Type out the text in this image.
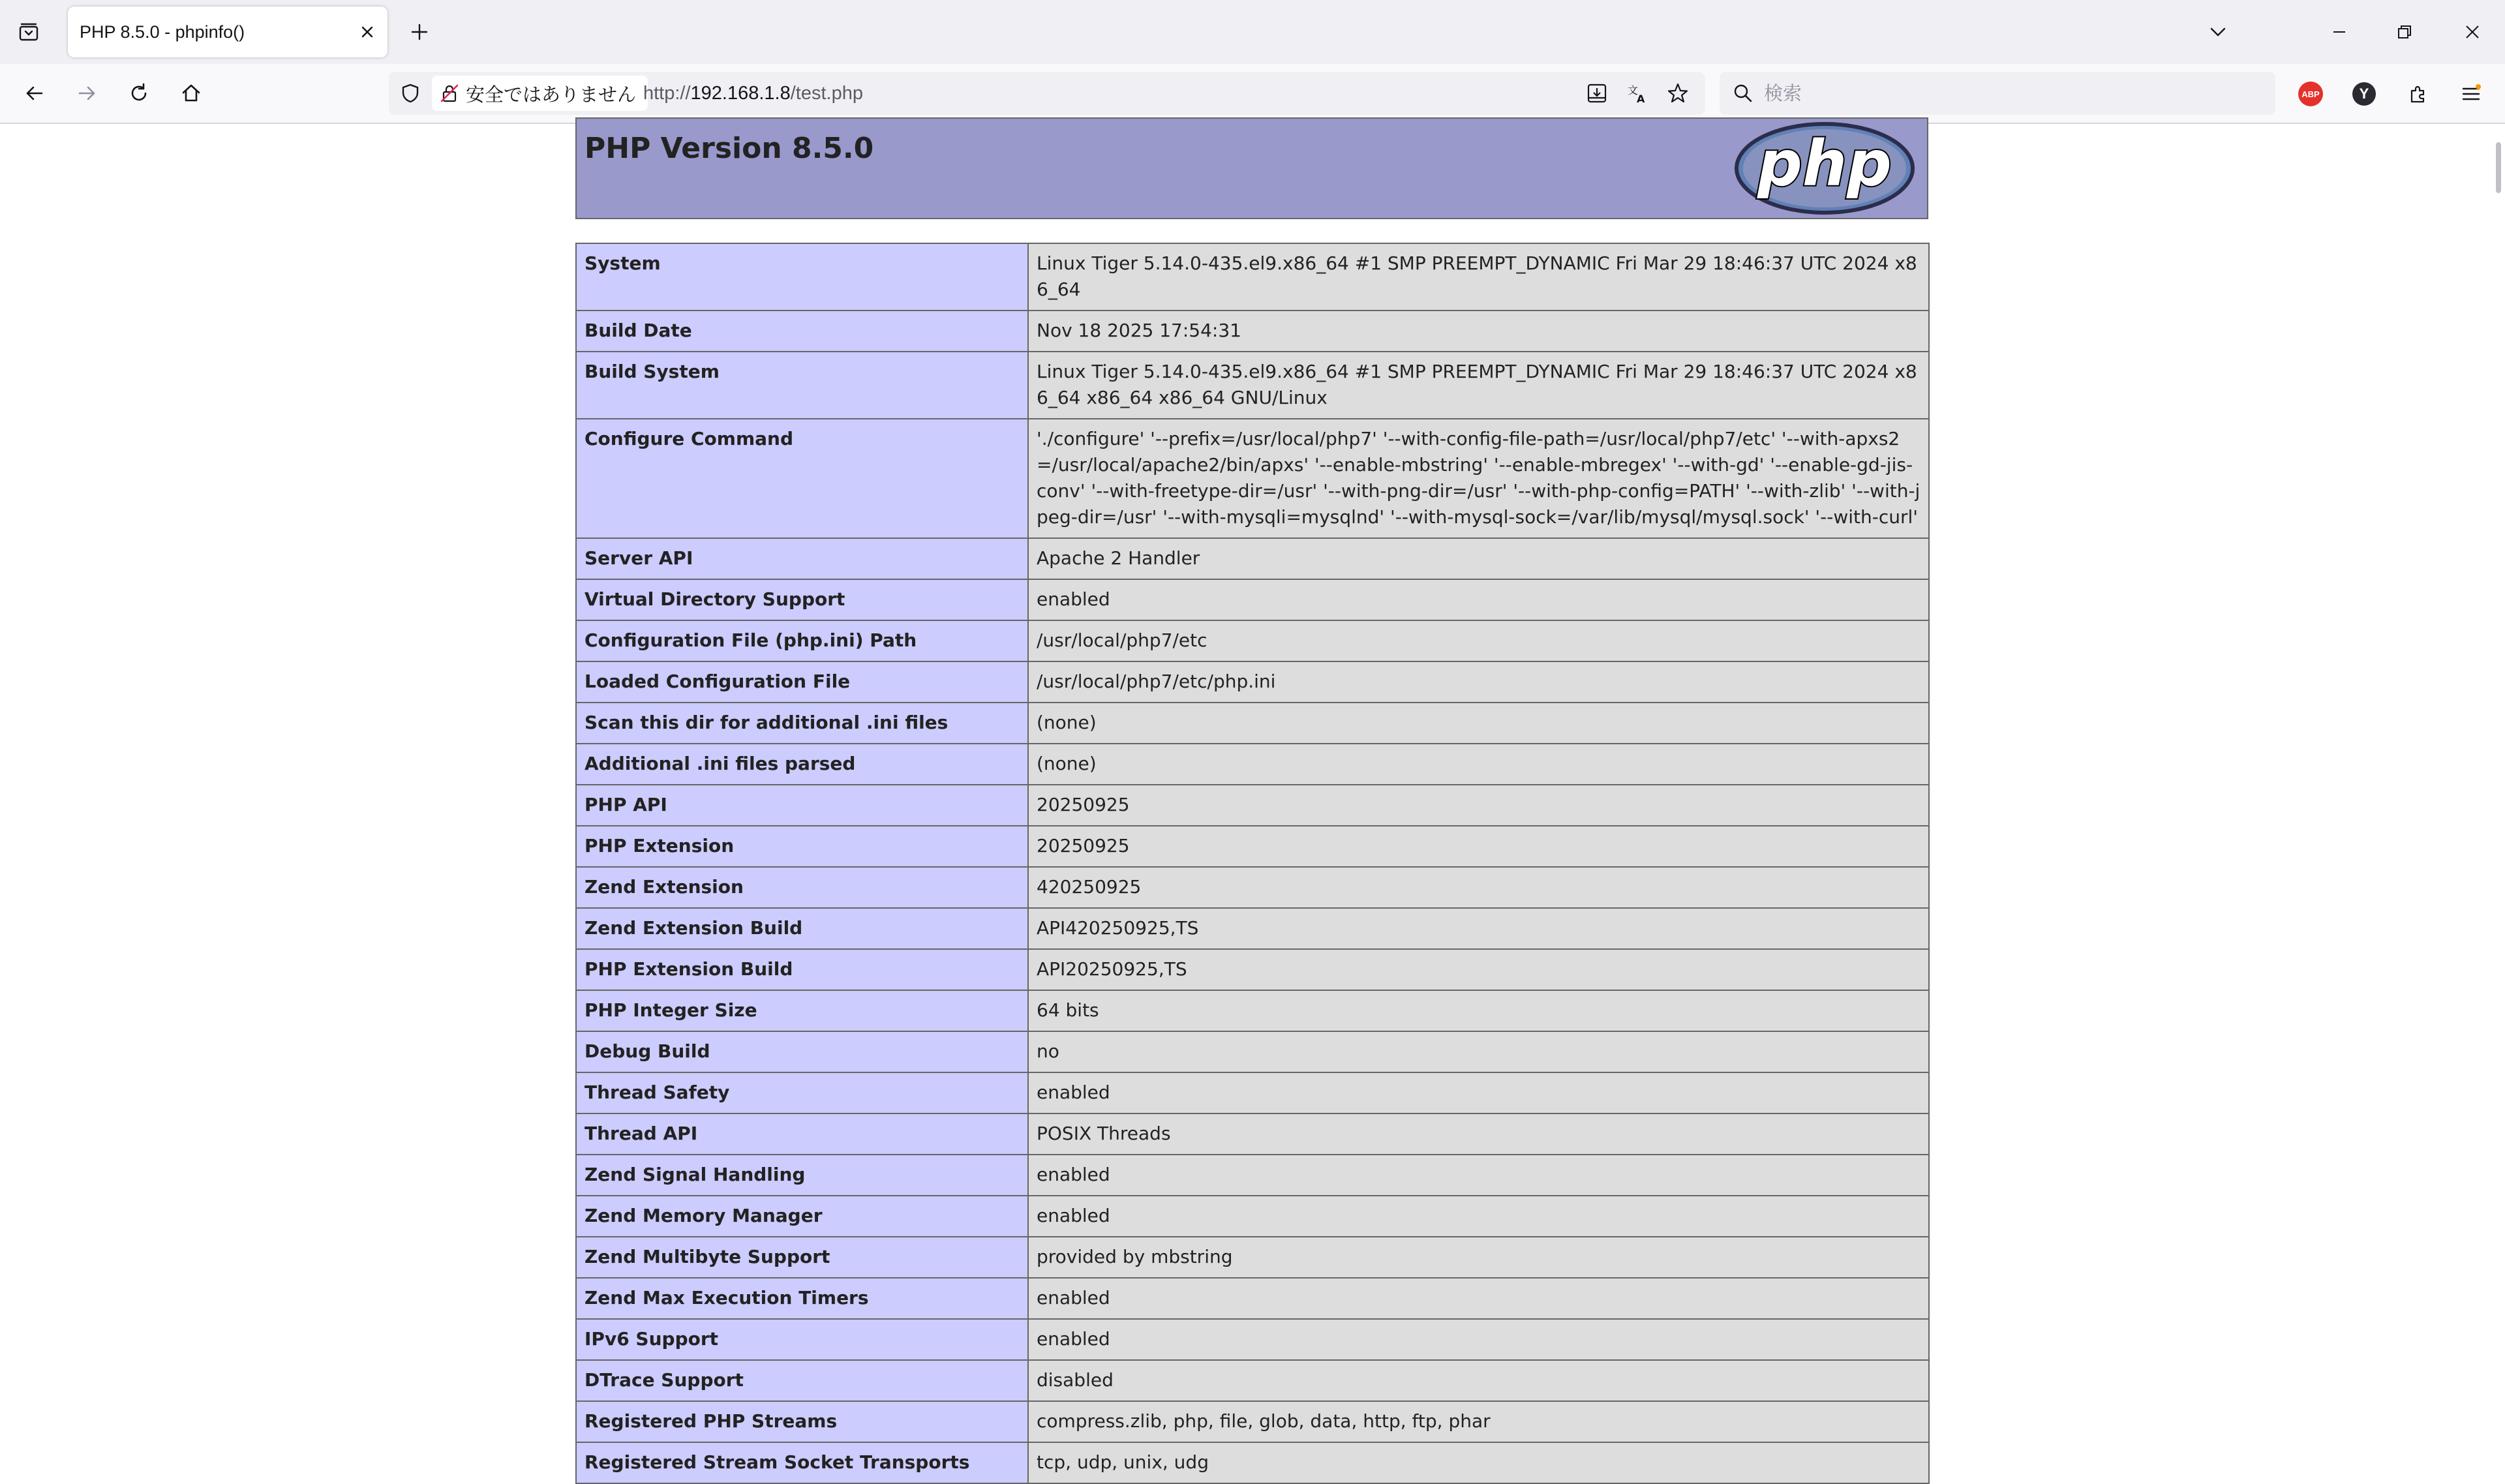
PHP 8.5.0 - phpinfo()
安全ではありません http://192.168.1.8/test.php	文
A
検索	ABP	Y
PHP Version 8.5.0	php
System	Linux Tiger 5.14.0-435.el9.x86_64 #1 SMP PREEMPT_DYNAMIC Fri Mar 29 18:46:37 UTC 2024 x86_64
Build Date	Nov 18 2025 17:54:31
Build System	Linux Tiger 5.14.0-435.el9.x86_64 #1 SMP PREEMPT_DYNAMIC Fri Mar 29 18:46:37 UTC 2024 x86_64 x86_64 x86_64 GNU/Linux
Configure Command	'./configure' '--prefix=/usr/local/php7' '--with-config-file-path=/usr/local/php7/etc' '--with-apxs2=/usr/local/apache2/bin/apxs' '--enable-mbstring' '--enable-mbregex' '--with-gd' '--enable-gd-jis-conv' '--with-freetype-dir=/usr' '--with-png-dir=/usr' '--with-php-config=PATH' '--with-zlib' '--with-jpeg-dir=/usr' '--with-mysqli=mysqlnd' '--with-mysql-sock=/var/lib/mysql/mysql.sock' '--with-curl'
Server API	Apache 2 Handler
Virtual Directory Support	enabled
Configuration File (php.ini) Path	/usr/local/php7/etc
Loaded Configuration File	/usr/local/php7/etc/php.ini
Scan this dir for additional .ini files	(none)
Additional .ini files parsed	(none)
PHP API	20250925
PHP Extension	20250925
Zend Extension	420250925
Zend Extension Build	API420250925,TS
PHP Extension Build	API20250925,TS
PHP Integer Size	64 bits
Debug Build	no
Thread Safety	enabled
Thread API	POSIX Threads
Zend Signal Handling	enabled
Zend Memory Manager	enabled
Zend Multibyte Support	provided by mbstring
Zend Max Execution Timers	enabled
IPv6 Support	enabled
DTrace Support	disabled
Registered PHP Streams	compress.zlib, php, file, glob, data, http, ftp, phar
Registered Stream Socket Transports	tcp, udp, unix, udg
